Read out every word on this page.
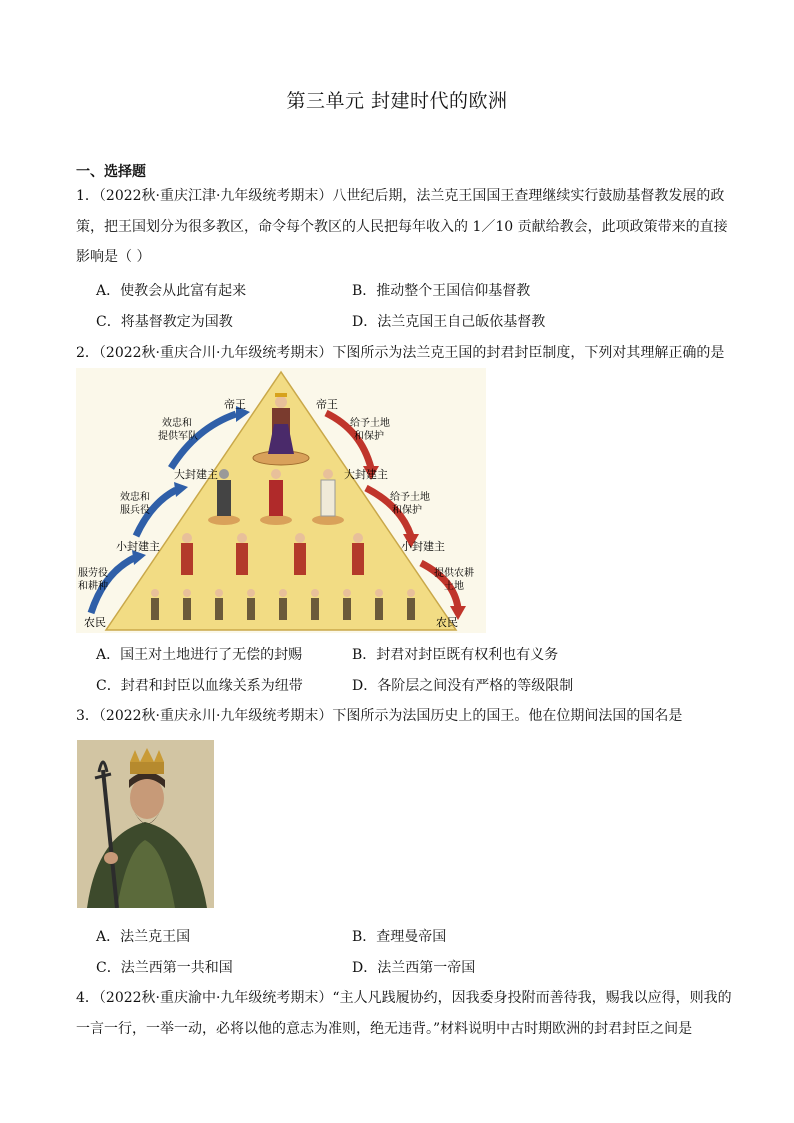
第三单元 封建时代的欧洲
一、选择题
1．（2022秋·重庆江津·九年级统考期末）八世纪后期，法兰克王国国王查理继续实行鼓励基督教发展的政
策，把王国划分为很多教区，命令每个教区的人民把每年收入的 1／10 贡献给教会，此项政策带来的直接
影响是（ ）
A．使教会从此富有起来	B．推动整个王国信仰基督教
C．将基督教定为国教	D．法兰克国王自己皈依基督教
2．（2022秋·重庆合川·九年级统考期末）下图所示为法兰克王国的封君封臣制度，下列对其理解正确的是
帝王	帝王
大封建主	大封建主
小封建主	小封建主
农民	农民
效忠和
提供军队
效忠和
服兵役
服劳役
和耕种
给予土地
和保护
给予土地
和保护
提供农耕
土地
A．国王对土地进行了无偿的封赐	B．封君对封臣既有权利也有义务
C．封君和封臣以血缘关系为纽带	D．各阶层之间没有严格的等级限制
3．（2022秋·重庆永川·九年级统考期末）下图所示为法国历史上的国王。他在位期间法国的国名是
A．法兰克王国	B．查理曼帝国
C．法兰西第一共和国	D．法兰西第一帝国
4．（2022秋·重庆渝中·九年级统考期末）“主人凡践履协约，因我委身投附而善待我，赐我以应得，则我的
一言一行，一举一动，必将以他的意志为准则，绝无违背。”材料说明中古时期欧洲的封君封臣之间是
